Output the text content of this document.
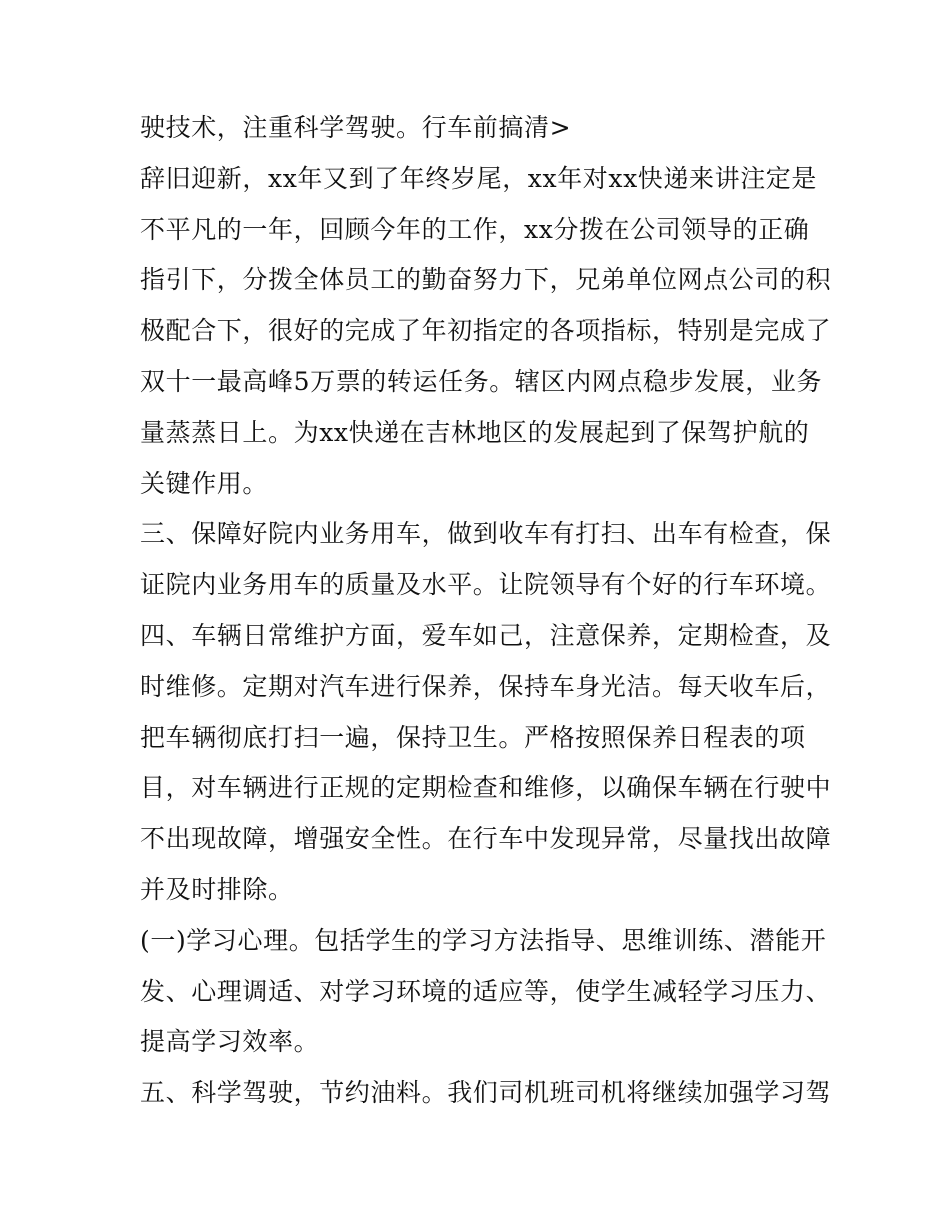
驶技术，注重科学驾驶。行车前搞清>
辞旧迎新，xx年又到了年终岁尾，xx年对xx快递来讲注定是
不平凡的一年，回顾今年的工作，xx分拨在公司领导的正确
指引下，分拨全体员工的勤奋努力下，兄弟单位网点公司的积
极配合下，很好的完成了年初指定的各项指标，特别是完成了
双十一最高峰5万票的转运任务。辖区内网点稳步发展，业务
量蒸蒸日上。为xx快递在吉林地区的发展起到了保驾护航的
关键作用。
三、保障好院内业务用车，做到收车有打扫、出车有检查，保
证院内业务用车的质量及水平。让院领导有个好的行车环境。
四、车辆日常维护方面，爱车如己，注意保养，定期检查，及
时维修。定期对汽车进行保养，保持车身光洁。每天收车后，
把车辆彻底打扫一遍，保持卫生。严格按照保养日程表的项
目，对车辆进行正规的定期检查和维修，以确保车辆在行驶中
不出现故障，增强安全性。在行车中发现异常，尽量找出故障
并及时排除。
(一)学习心理。包括学生的学习方法指导、思维训练、潜能开
发、心理调适、对学习环境的适应等，使学生减轻学习压力、
提高学习效率。
五、科学驾驶，节约油料。我们司机班司机将继续加强学习驾
